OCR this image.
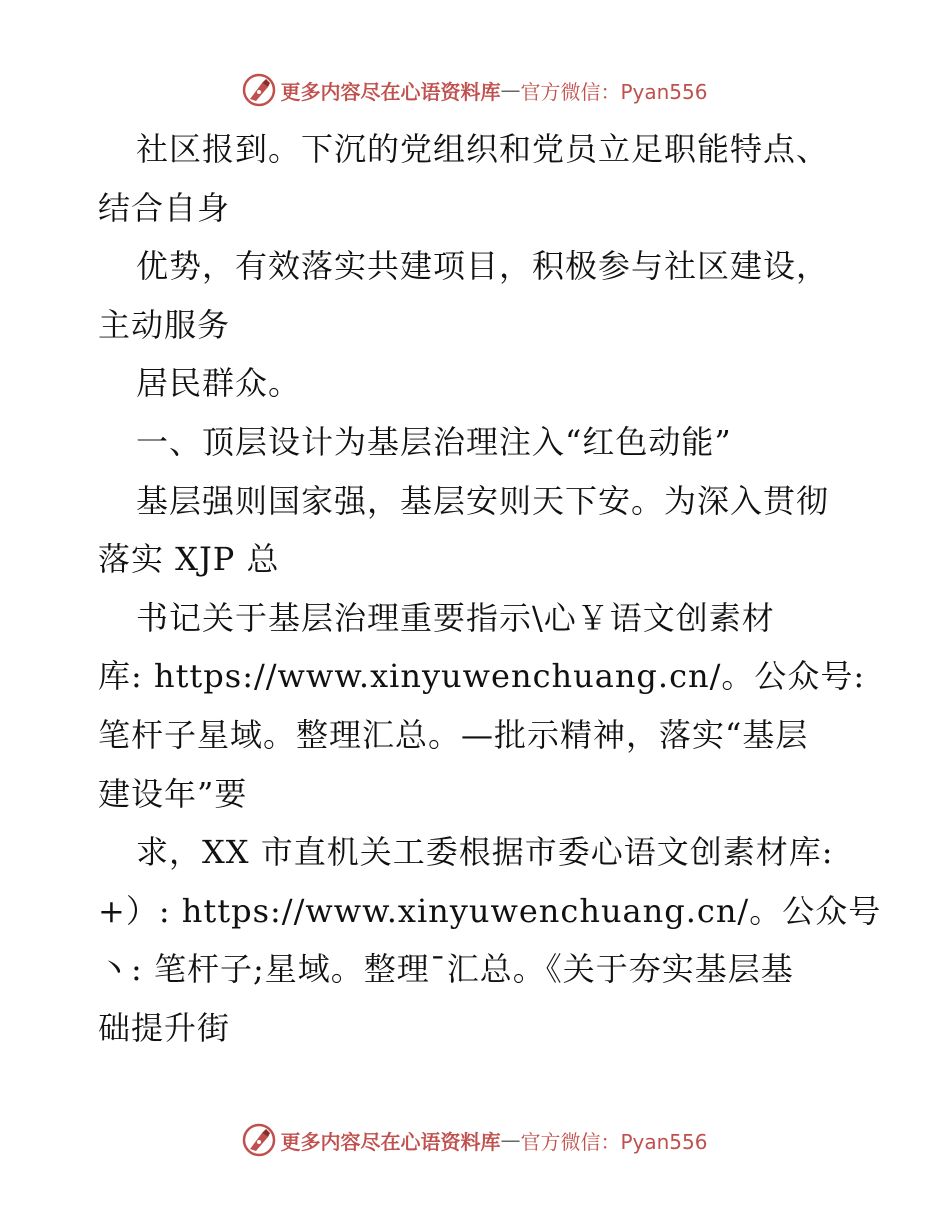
更多内容尽在心语资料库 — 官方微信：Pyan556
社区报到。下沉的党组织和党员立足职能特点、
结合自身
优势，有效落实共建项目，积极参与社区建设，
主动服务
居民群众。
一、顶层设计为基层治理注入“红色动能”
基层强则国家强，基层安则天下安。为深入贯彻
落实 XJP 总
书记关于基层治理重要指示\心￥语文创素材
库: https://www.xinyuwenchuang.cn/。公众号:
笔杆子星域。整理汇总。—批示精神，落实“基层
建设年”要
求，XX 市直机关工委根据市委心语文创素材库:
+）: https://www.xinyuwenchuang.cn/。公众号
丶: 笔杆子;星域。整理¯汇总。《关于夯实基层基
础提升街
更多内容尽在心语资料库 — 官方微信：Pyan556
